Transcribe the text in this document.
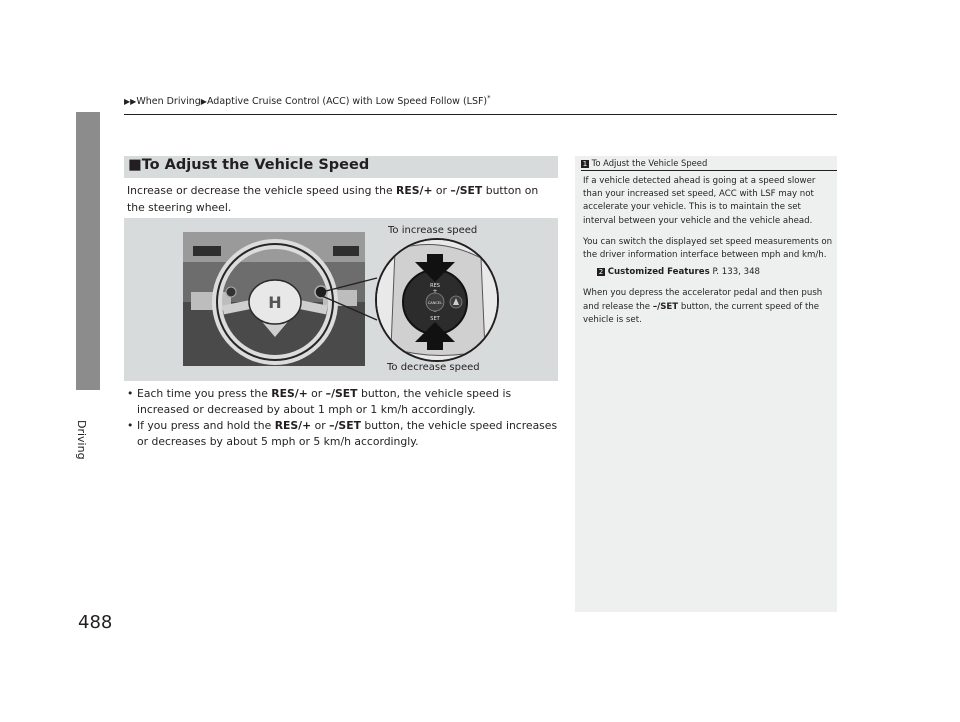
▶▶When Driving▶Adaptive Cruise Control (ACC) with Low Speed Follow (LSF)*
Driving
488
■To Adjust the Vehicle Speed
Increase or decrease the vehicle speed using the RES/+ or –/SET button on the steering wheel.
H
RES
+
CANCEL
–
SET
To increase speed
To decrease speed
• Each time you press the RES/+ or –/SET button, the vehicle speed is increased or decreased by about 1 mph or 1 km/h accordingly.
• If you press and hold the RES/+ or –/SET button, the vehicle speed increases or decreases by about 5 mph or 5 km/h accordingly.
1 To Adjust the Vehicle Speed

If a vehicle detected ahead is going at a speed slower than your increased set speed, ACC with LSF may not accelerate your vehicle. This is to maintain the set interval between your vehicle and the vehicle ahead.

You can switch the displayed set speed measurements on the driver information interface between mph and km/h.

2 Customized Features P. 133, 348

When you depress the accelerator pedal and then push and release the –/SET button, the current speed of the vehicle is set.
